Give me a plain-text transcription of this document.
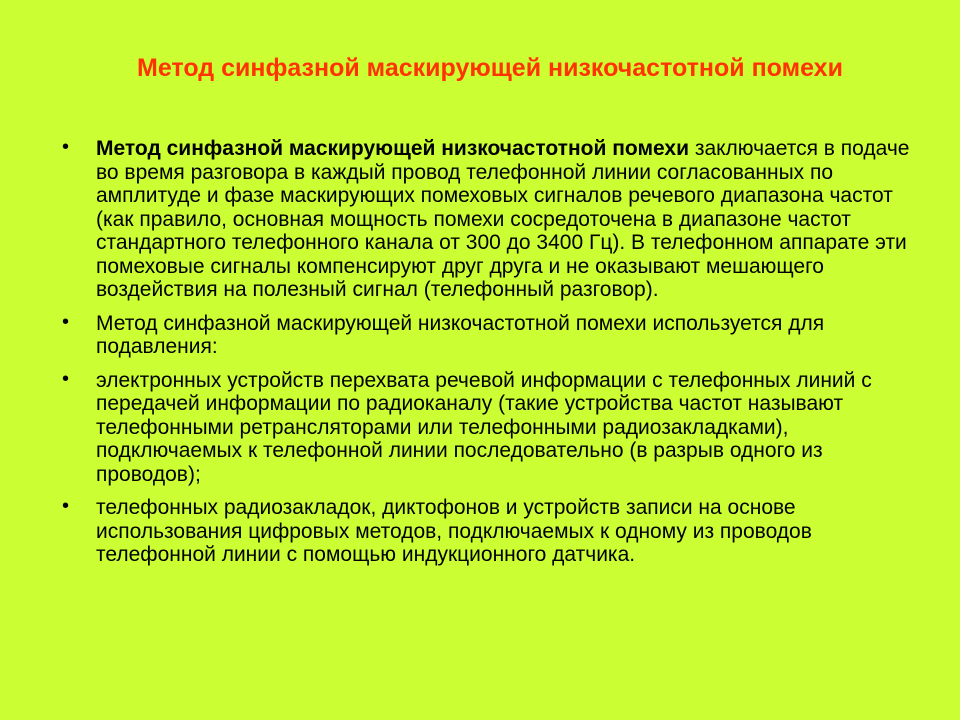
Метод синфазной маскирующей низкочастотной помехи
• Метод синфазной маскирующей низкочастотной помехи заключается в подаче во время разговора в каждый провод телефонной линии согласованных по амплитуде и фазе маскирующих помеховых сигналов речевого диапазона частот (как правило, основная мощность помехи сосредоточена в диапазоне частот стандартного телефонного канала от 300 до 3400 Гц). В телефонном аппарате эти помеховые сигналы компенсируют друг друга и не оказывают мешающего воздействия на полезный сигнал (телефонный разговор).
• Метод синфазной маскирующей низкочастотной помехи используется для подавления:
• электронных устройств перехвата речевой информации с телефонных линий с передачей информации по радиоканалу (такие устройства частот называют телефонными ретрансляторами или телефонными радиозакладками), подключаемых к телефонной линии последовательно (в разрыв одного из проводов);
• телефонных радиозакладок, диктофонов и устройств записи на основе использования цифровых методов, подключаемых к одному из проводов телефонной линии с помощью индукционного датчика.
